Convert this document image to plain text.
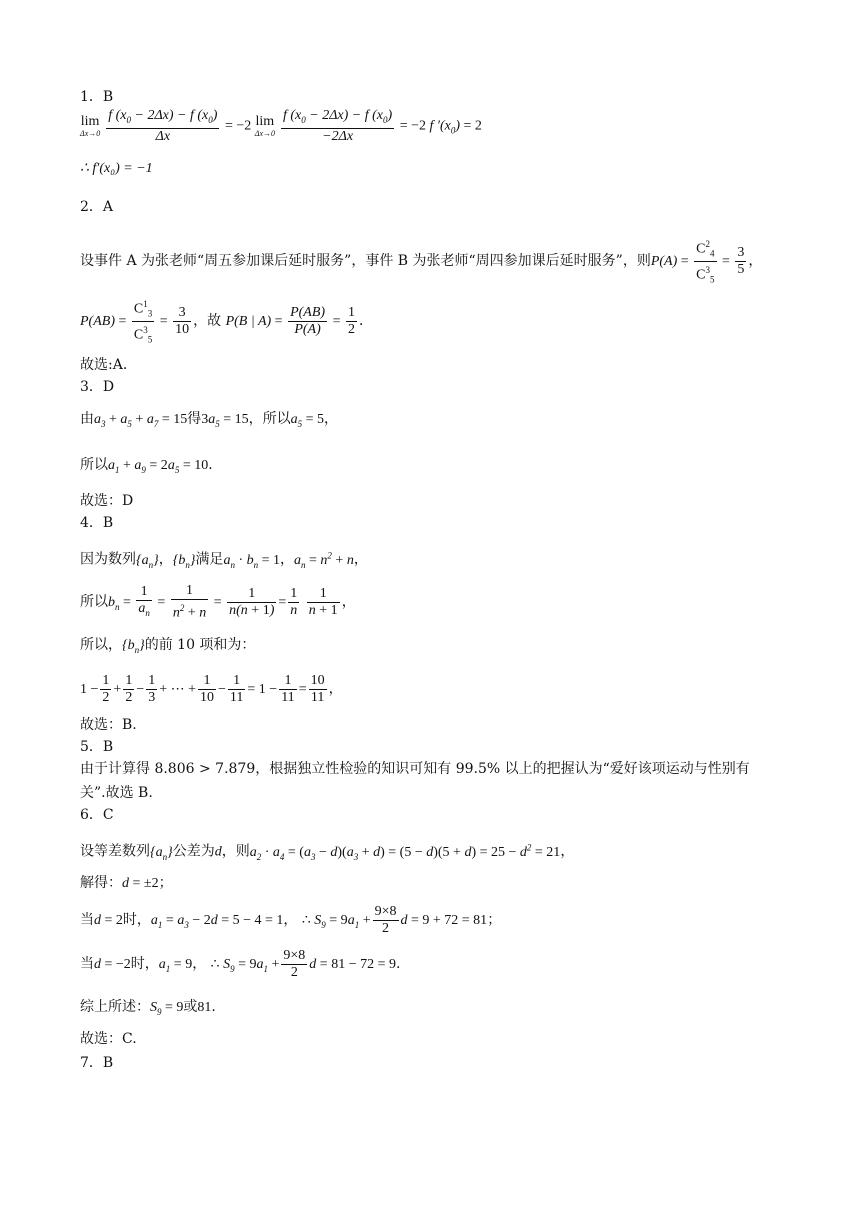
1．B
lim
$\Delta x\to 0 \frac{f (x_0 - 2\Delta x) - f (x_0)}{\Delta x} = -2$ lim
$\Delta x\to 0 \frac{f (x_0 - 2\Delta x) - f (x_0)}{-2\Delta x} = -2$ f $'(x_0) = 2$
∴ f′(x₀) = −1
2．A
设事件 A 为张老师“周五参加课后延时服务”，事件 B 为张老师“周四参加课后延时服务”，则$P(A) = \frac{C^2_4}{C^3_5} = \frac{3}{5}$ ，
$P(AB) = \frac{C^1_3}{C^3_5} = \frac{3}{10}$ ，故 P(B | $A) = \frac{P(AB)}{P(A)} = \frac{1}{2}$ ．
故选:A．
3．D
由$a_3 + a_5 + a_7 = 15$得$3a_5 = 15$，所以$a_5 = 5$，
所以$a_1 + a_9 = 2a_5 = 10$.
故选：D
4．B
因为数列$\{a_n\}$，$\{b_n\}$满足$a_n \cdot b_n = 1$，$a_n = n^2 + n$，
所以$b_n = \frac{1}{a_n} = \frac{1}{n^2 + n} = \frac{1}{n(n + 1)} = \frac{1}{n}$
$\frac{1}{n + 1}$ ，
所以，$\{b_n\}$的前 10 项和为：
$1 - \frac{1}{2} + \frac{1}{2} - \frac{1}{3}$ + ⋯ + $\frac{1}{10} - \frac{1}{11} = 1 - \frac{1}{11} = \frac{10}{11}$ ，
故选：B.
5．B
由于计算得 8.806 > 7.879，根据独立性检验的知识可知有 99.5% 以上的把握认为“爱好该项运动与性别有
关”.故选 B.
6．C
设等差数列$\{a_n\}$公差为d，则$a_2 \cdot a_4 = (a_3 - d)(a_3 + d) = (5 - d)(5 + d) = 25 - d^2 = 21$，
解得：d = ±2；
当d = 2时，$a_1 = a_3 - 2d = 5 - 4 = 1$， ∴ $S_9 = 9a_1 + \frac{9\times 8}{2}$ d = 9 + 72 = 81；
当d = −2时，$a_1 = 9$， ∴ $S_9 = 9a_1 + \frac{9\times 8}{2}$ d = 81 − 72 = 9.
综上所述：$S_9 = 9$或81.
故选：C.
7．B
